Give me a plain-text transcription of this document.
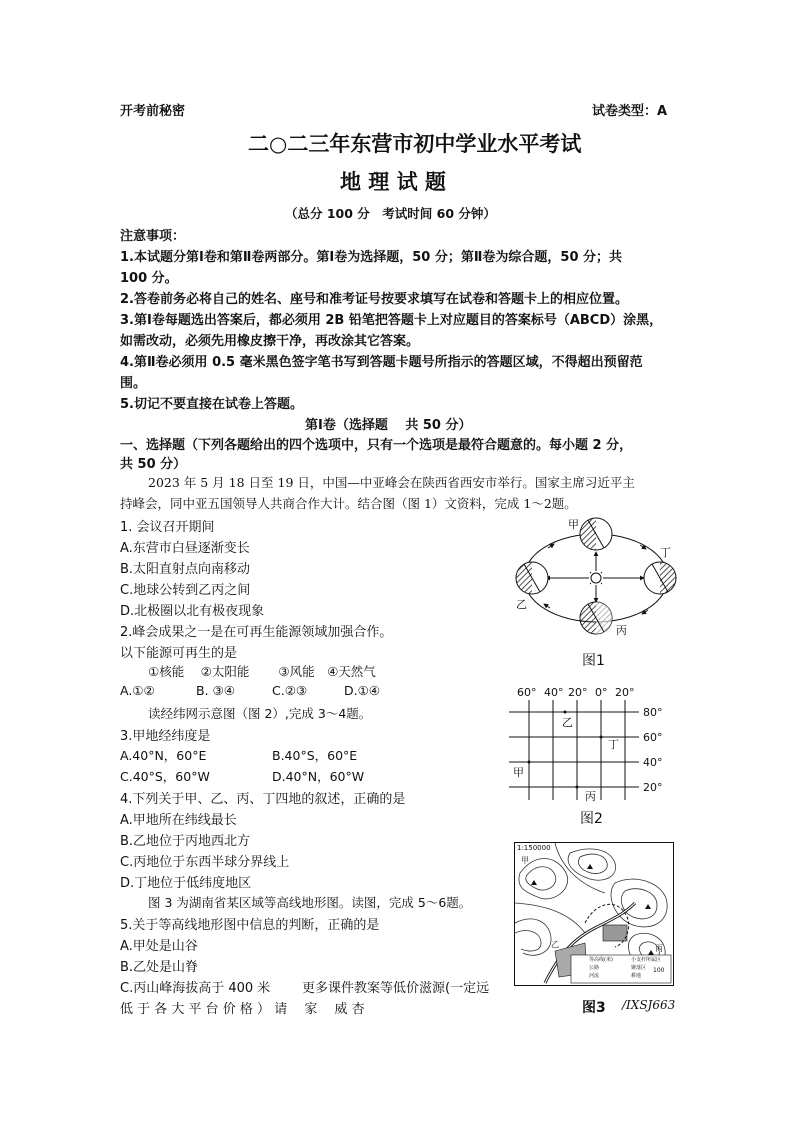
开考前秘密	试卷类型：A
二○二三年东营市初中学业水平考试
地 理 试 题
（总分 100 分　考试时间 60 分钟）
注意事项：
1.本试题分第Ⅰ卷和第Ⅱ卷两部分。第Ⅰ卷为选择题，50 分；第Ⅱ卷为综合题，50 分；共
100 分。
2.答卷前务必将自己的姓名、座号和准考证号按要求填写在试卷和答题卡上的相应位置。
3.第Ⅰ卷每题选出答案后，都必须用 2B 铅笔把答题卡上对应题目的答案标号（ABCD）涂黑，
如需改动，必须先用橡皮擦干净，再改涂其它答案。
4.第Ⅱ卷必须用 0.5 毫米黑色签字笔书写到答题卡题号所指示的答题区域，不得超出预留范
围。
5.切记不要直接在试卷上答题。
第Ⅰ卷（选择题　 共 50 分）
一、选择题（下列各题给出的四个选项中，只有一个选项是最符合题意的。每小题 2 分，
共 50 分）
2023 年 5 月 18 日至 19 日，中国—中亚峰会在陕西省西安市举行。国家主席习近平主
持峰会，同中亚五国领导人共商合作大计。结合图（图 1）文资料，完成 1～2题。
1. 会议召开期间
A.东营市白昼逐渐变长
B.太阳直射点向南移动
C.地球公转到乙丙之间
D.北极圈以北有极夜现象
2.峰会成果之一是在可再生能源领域加强合作。
以下能源可再生的是
①核能　 ②太阳能　　 ③风能　④天然气
A.①②	B. ③④	C.②③	D.①④
读经纬网示意图（图 2）,完成 3～4题。
3.甲地经纬度是
A.40°N，60°E	B.40°S，60°E
C.40°S，60°W	D.40°N，60°W
4.下列关于甲、乙、丙、丁四地的叙述，正确的是
A.甲地所在纬线最长
B.乙地位于丙地西北方
C.丙地位于东西半球分界线上
D.丁地位于低纬度地区
图 3 为湖南省某区域等高线地形图。读图，完成 5～6题。
5.关于等高线地形图中信息的判断，正确的是
A.甲处是山谷
B.乙处是山脊
C.丙山峰海拔高于 400 米 更多课件教案等低价滋源(一定远
低 于 各 大 平 台 价 格 ） 请　 家　 威 杏	/IXSJ663
甲
丁
乙
丙
图1
60° 40° 20° 0° 20°
80°
60°
40°
20°
乙
丁
甲
丙
图2
1:150000
甲
乙	丙
100
等高线(米)
公路
河流
小支杆所属区
聚落区
耕地
图3
